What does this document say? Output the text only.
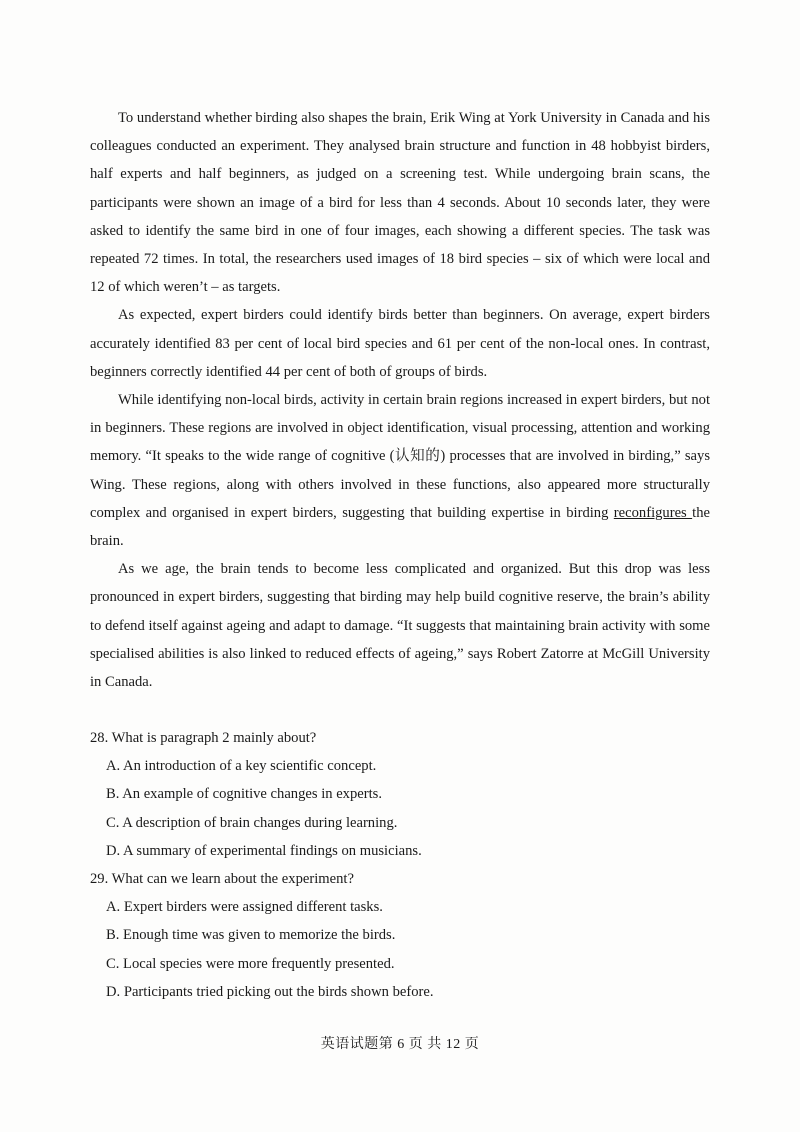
To understand whether birding also shapes the brain, Erik Wing at York University in Canada and his colleagues conducted an experiment. They analysed brain structure and function in 48 hobbyist birders, half experts and half beginners, as judged on a screening test. While undergoing brain scans, the participants were shown an image of a bird for less than 4 seconds. About 10 seconds later, they were asked to identify the same bird in one of four images, each showing a different species. The task was repeated 72 times. In total, the researchers used images of 18 bird species – six of which were local and 12 of which weren’t – as targets.

As expected, expert birders could identify birds better than beginners. On average, expert birders accurately identified 83 per cent of local bird species and 61 per cent of the non-local ones. In contrast, beginners correctly identified 44 per cent of both of groups of birds.

While identifying non-local birds, activity in certain brain regions increased in expert birders, but not in beginners. These regions are involved in object identification, visual processing, attention and working memory. “It speaks to the wide range of cognitive (认知的) processes that are involved in birding,” says Wing. These regions, along with others involved in these functions, also appeared more structurally complex and organised in expert birders, suggesting that building expertise in birding reconfigures the brain.

As we age, the brain tends to become less complicated and organized. But this drop was less pronounced in expert birders, suggesting that birding may help build cognitive reserve, the brain’s ability to defend itself against ageing and adapt to damage. “It suggests that maintaining brain activity with some specialised abilities is also linked to reduced effects of ageing,” says Robert Zatorre at McGill University in Canada.

28. What is paragraph 2 mainly about?

A. An introduction of a key scientific concept.

B. An example of cognitive changes in experts.

C. A description of brain changes during learning.

D. A summary of experimental findings on musicians.

29. What can we learn about the experiment?

A. Expert birders were assigned different tasks.

B. Enough time was given to memorize the birds.

C. Local species were more frequently presented.

D. Participants tried picking out the birds shown before.

英语试题第 6 页 共 12 页
